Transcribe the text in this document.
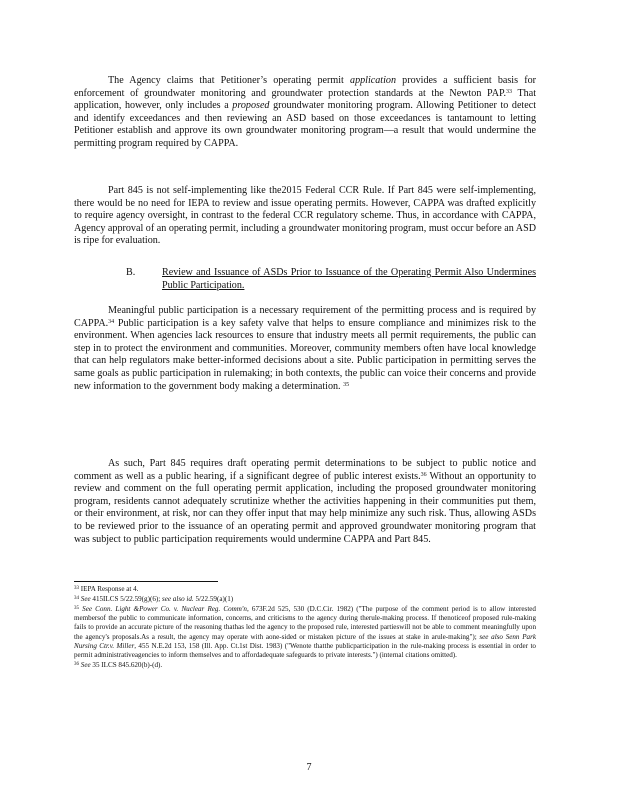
The Agency claims that Petitioner’s operating permit application provides a sufficient basis for enforcement of groundwater monitoring and groundwater protection standards at the Newton PAP.$^{33}$ That application, however, only includes a proposed groundwater monitoring program. Allowing Petitioner to detect and identify exceedances and then reviewing an ASD based on those exceedances is tantamount to letting Petitioner establish and approve its own groundwater monitoring program—a result that would undermine the permitting program required by CAPPA.

Part 845 is not self-implementing like the2015 Federal CCR Rule. If Part 845 were self-implementing, there would be no need for IEPA to review and issue operating permits. However, CAPPA was drafted explicitly to require agency oversight, in contrast to the federal CCR regulatory scheme. Thus, in accordance with CAPPA, Agency approval of an operating permit, including a groundwater monitoring program, must occur before an ASD is ripe for evaluation.

B.	Review and Issuance of ASDs Prior to Issuance of the Operating Permit Also Undermines Public Participation.

Meaningful public participation is a necessary requirement of the permitting process and is required by CAPPA.$^{34}$ Public participation is a key safety valve that helps to ensure compliance and minimizes risk to the environment. When agencies lack resources to ensure that industry meets all permit requirements, the public can step in to protect the environment and communities. Moreover, community members often have local knowledge that can help regulators make better-informed decisions about a site. Public participation in permitting serves the same goals as public participation in rulemaking; in both contexts, the public can voice their concerns and provide new information to the government body making a determination. $^{35}$

As such, Part 845 requires draft operating permit determinations to be subject to public notice and comment as well as a public hearing, if a significant degree of public interest exists.$^{36}$ Without an opportunity to review and comment on the full operating permit application, including the proposed groundwater monitoring program, residents cannot adequately scrutinize whether the activities happening in their communities put them, or their environment, at risk, nor can they offer input that may help minimize any such risk. Thus, allowing ASDs to be reviewed prior to the issuance of an operating permit and approved groundwater monitoring program that was subject to public participation requirements would undermine CAPPA and Part 845.

$^{33}$ IEPA Response at 4.
$^{34}$ See 415ILCS 5/22.59(g)(6); see also id. 5/22.59(a)(1)
$^{35}$ See Conn. Light &Power Co. v. Nuclear Reg. Comm'n, 673F.2d 525, 530 (D.C.Cir. 1982) ("The purpose of the comment period is to allow interested membersof the public to communicate information, concerns, and criticisms to the agency during therule-making process. If thenoticeof proposed rule-making fails to provide an accurate picture of the reasoning thathas led the agency to the proposed rule, interested partieswill not be able to comment meaningfully upon the agency's proposals.As a result, the agency may operate with aone-sided or mistaken picture of the issues at stake in arule-making"); see also Senn Park Nursing Ctr.v. Miller, 455 N.E.2d 153, 158 (Ill. App. Ct.1st Dist. 1983) ("Wenote thatthe publicparticipation in the rule-making process is essential in order to permit administrativeagencies to inform themselves and to affordadequate safeguards to private interests.") (internal citations omitted).
$^{36}$ See 35 ILCS 845.620(b)-(d).
7
